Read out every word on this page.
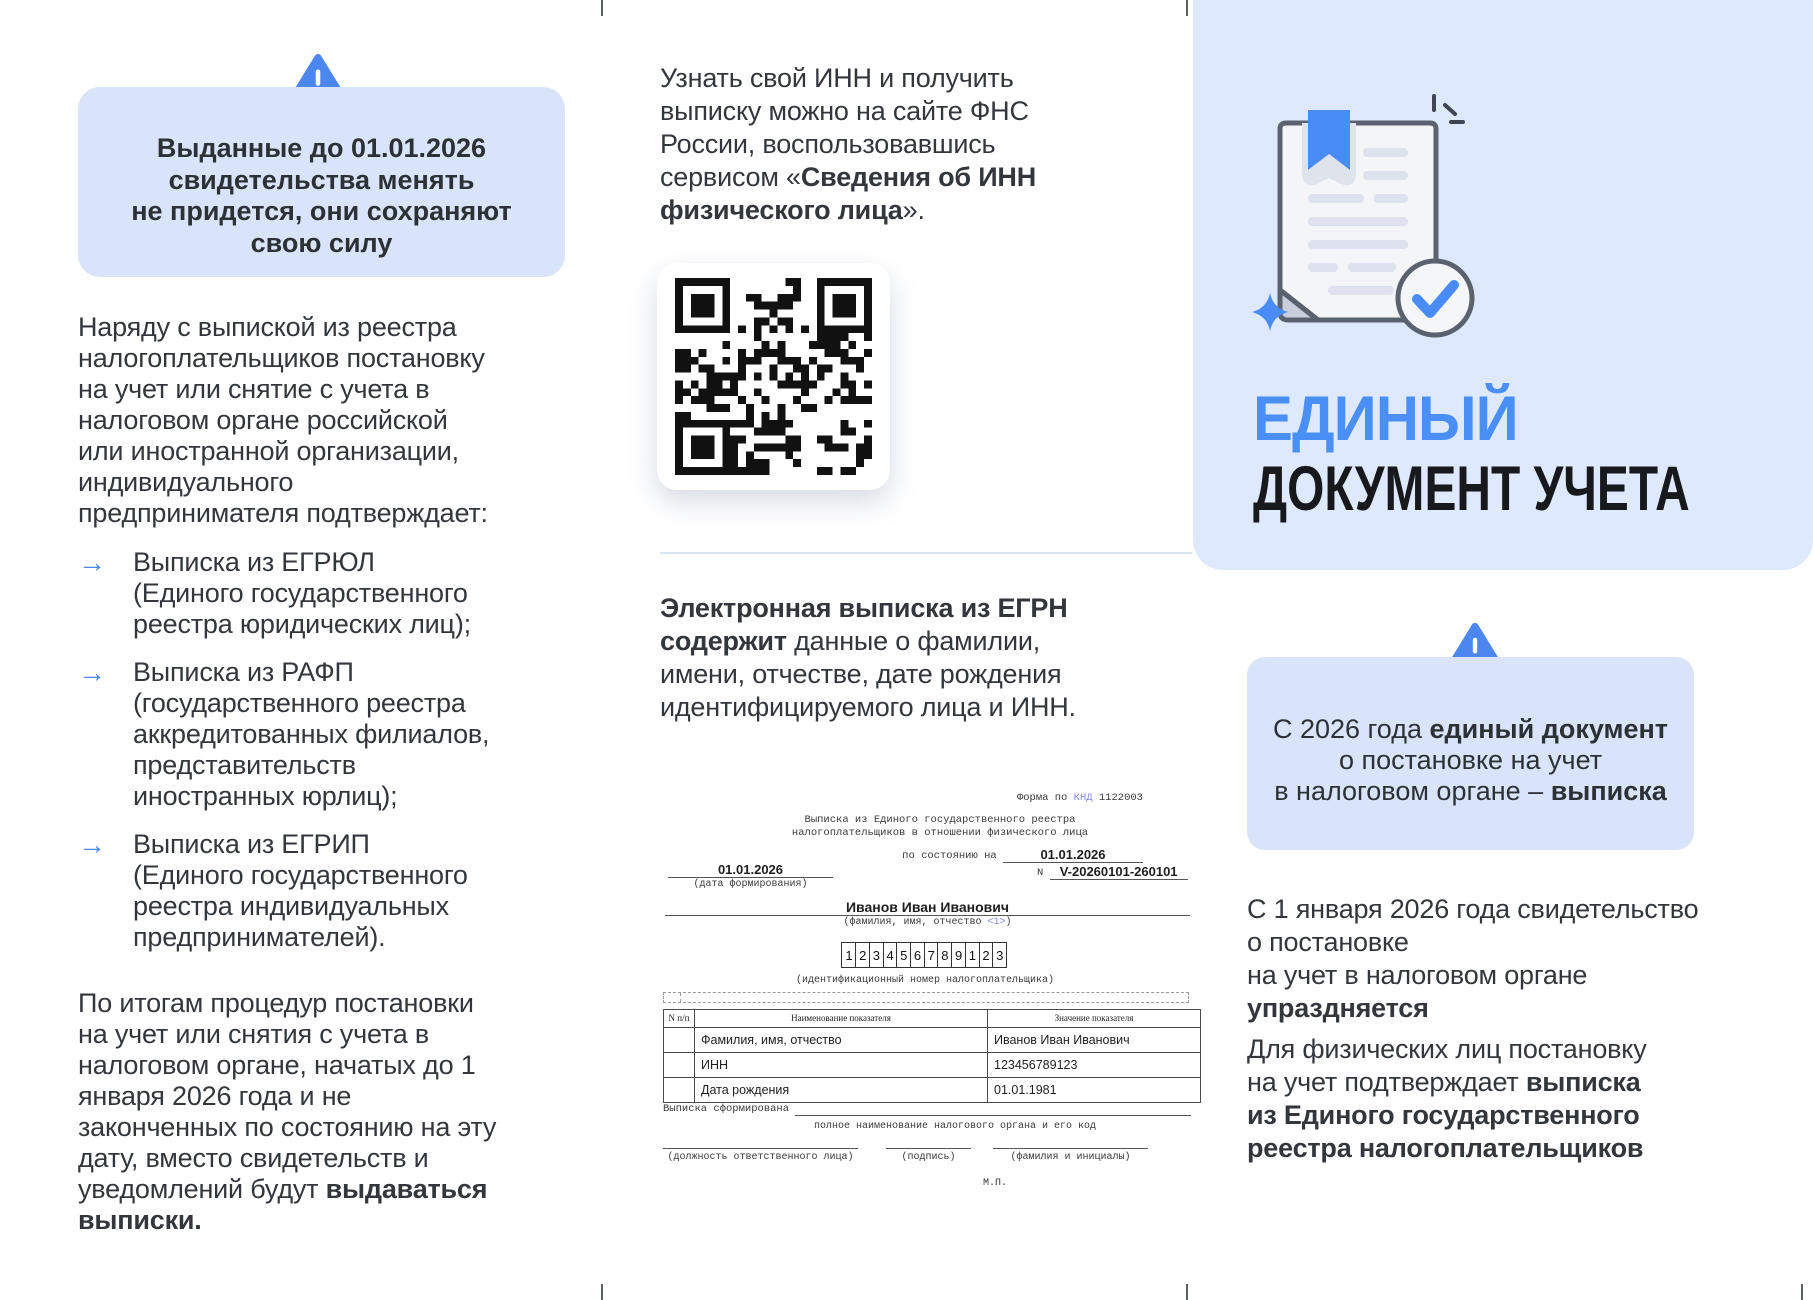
Выданные до 01.01.2026
свидетельства менять
не придется, они сохраняют
свою силу
Наряду с выпиской из реестра
налогоплательщиков постановку
на учет или снятие с учета в
налоговом органе российской
или иностранной организации,
индивидуального
предпринимателя подтверждает:
→	Выписка из ЕГРЮЛ
(Единого государственного
реестра юридических лиц);
→	Выписка из РАФП
(государственного реестра
аккредитованных филиалов,
представительств
иностранных юрлиц);
→	Выписка из ЕГРИП
(Единого государственного
реестра индивидуальных
предпринимателей).
По итогам процедур постановки
на учет или снятия с учета в
налоговом органе, начатых до 1
января 2026 года и не
законченных по состоянию на эту
дату, вместо свидетельств и
уведомлений будут выдаваться
выписки.
Узнать свой ИНН и получить
выписку можно на сайте ФНС
России, воспользовавшись
сервисом «Сведения об ИНН
физического лица».
Электронная выписка из ЕГРН
содержит данные о фамилии,
имени, отчестве, дате рождения
идентифицируемого лица и ИНН.
Форма по КНД 1122003
Выписка из Единого государственного реестра
налогоплательщиков в отношении физического лица
по состоянию на	01.01.2026
01.01.2026
(дата формирования)
N V-20260101-260101
Иванов Иван Иванович
(фамилия, имя, отчество <1>)
1 2 3 4 5 6 7 8 9 1 2 3
(идентификационный номер налогоплательщика)
N п/п	Наименование показателя	Значение показателя
	Фамилия, имя, отчество	Иванов Иван Иванович
	ИНН	123456789123
	Дата рождения	01.01.1981
Выписка сформирована
полное наименование налогового органа и его код
(должность ответственного лица)	(подпись)	(фамилия и инициалы)
М.П.
ЕДИНЫЙ
ДОКУМЕНТ УЧЕТА
С 2026 года единый документ
о постановке на учет
в налоговом органе – выписка
С 1 января 2026 года свидетельство
о постановке
на учет в налоговом органе
упраздняется
Для физических лиц постановку
на учет подтверждает выписка
из Единого государственного
реестра налогоплательщиков
